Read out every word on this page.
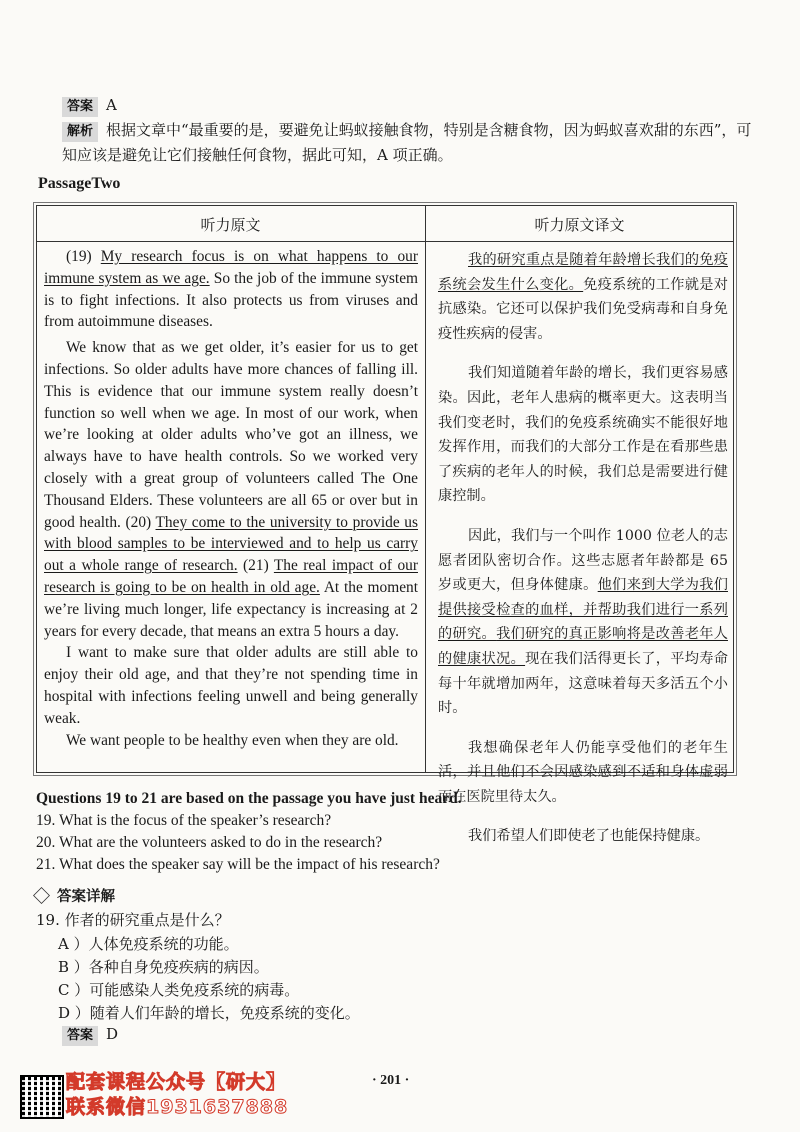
答案 A
解析 根据文章中“最重要的是，要避免让蚂蚁接触食物，特别是含糖食物，因为蚂蚁喜欢甜的东西”，可知应该是避免让它们接触任何食物，据此可知，A 项正确。
PassageTwo
听力原文	听力原文译文

(19) My research focus is on what happens to our immune system as we age. So the job of the immune system is to fight infections. It also protects us from viruses and from autoimmune diseases.

We know that as we get older, it’s easier for us to get infections. So older adults have more chances of falling ill. This is evidence that our immune system really doesn’t function so well when we age. In most of our work, when we’re looking at older adults who’ve got an illness, we always have to have health controls. So we worked very closely with a great group of volunteers called The One Thousand Elders. These volunteers are all 65 or over but in good health. (20) They come to the university to provide us with blood samples to be interviewed and to help us carry out a whole range of research. (21) The real impact of our research is going to be on health in old age. At the moment we’re living much longer, life expectancy is increasing at 2 years for every decade, that means an extra 5 hours a day.

I want to make sure that older adults are still able to enjoy their old age, and that they’re not spending time in hospital with infections feeling unwell and being generally weak.

We want people to be healthy even when they are old.

我的研究重点是随着年龄增长我们的免疫系统会发生什么变化。免疫系统的工作就是对抗感染。它还可以保护我们免受病毒和自身免疫性疾病的侵害。

我们知道随着年龄的增长，我们更容易感染。因此，老年人患病的概率更大。这表明当我们变老时，我们的免疫系统确实不能很好地发挥作用，而我们的大部分工作是在看那些患了疾病的老年人的时候，我们总是需要进行健康控制。

因此，我们与一个叫作 1000 位老人的志愿者团队密切合作。这些志愿者年龄都是 65 岁或更大，但身体健康。他们来到大学为我们提供接受检查的血样，并帮助我们进行一系列的研究。我们研究的真正影响将是改善老年人的健康状况。现在我们活得更长了，平均寿命每十年就增加两年，这意味着每天多活五个小时。

我想确保老年人仍能享受他们的老年生活，并且他们不会因感染感到不适和身体虚弱而在医院里待太久。

我们希望人们即使老了也能保持健康。

Questions 19 to 21 are based on the passage you have just heard.
19. What is the focus of the speaker’s research?
20. What are the volunteers asked to do in the research?
21. What does the speaker say will be the impact of his research?
答案详解
19. 作者的研究重点是什么？
A ）人体免疫系统的功能。
B ）各种自身免疫疾病的病因。
C ）可能感染人类免疫系统的病毒。
D ）随着人们年龄的增长，免疫系统的变化。
答案 D
· 201 ·
配套课程公众号【研大】
联系微信1931637888
